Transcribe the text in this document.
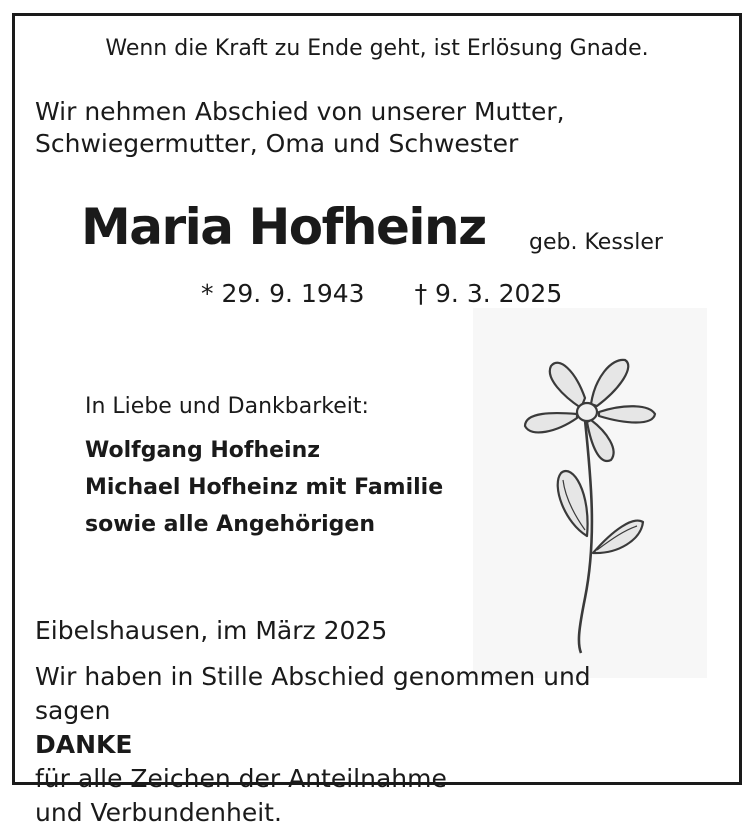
Wenn die Kraft zu Ende geht, ist Erlösung Gnade.
Wir nehmen Abschied von unserer Mutter,
Schwiegermutter, Oma und Schwester
Maria Hofheinz geb. Kessler
* 29. 9. 1943 † 9. 3. 2025
In Liebe und Dankbarkeit:
Wolfgang Hofheinz
Michael Hofheinz mit Familie
sowie alle Angehörigen
Eibelshausen, im März 2025
Wir haben in Stille Abschied genommen und
sagen
DANKE
für alle Zeichen der Anteilnahme
und Verbundenheit.
